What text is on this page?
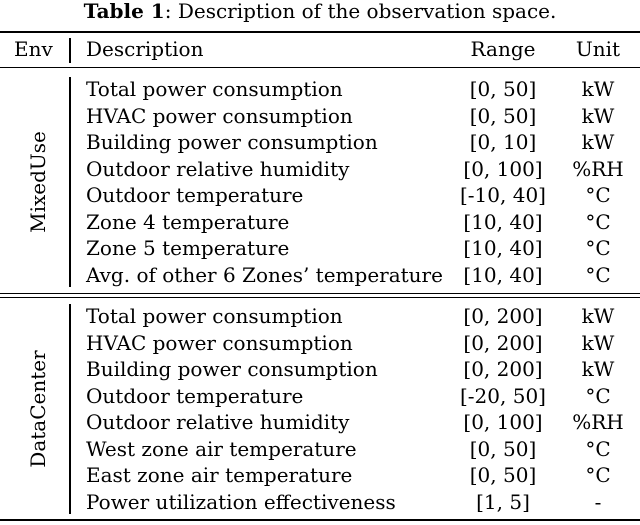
Table 1: Description of the observation space.
Env Description	Range	Unit
MixedUse
Total power consumption	[0, 50]	kW
HVAC power consumption	[0, 50]	kW
Building power consumption	[0, 10]	kW
Outdoor relative humidity	[0, 100]	%RH
Outdoor temperature	[-10, 40]	°C
Zone 4 temperature	[10, 40]	°C
Zone 5 temperature	[10, 40]	°C
Avg. of other 6 Zones’ temperature [10, 40]	°C
DataCenter
Total power consumption	[0, 200]	kW
HVAC power consumption	[0, 200]	kW
Building power consumption	[0, 200]	kW
Outdoor temperature	[-20, 50]	°C
Outdoor relative humidity	[0, 100]	%RH
West zone air temperature	[0, 50]	°C
East zone air temperature	[0, 50]	°C
Power utilization effectiveness	[1, 5]	-
